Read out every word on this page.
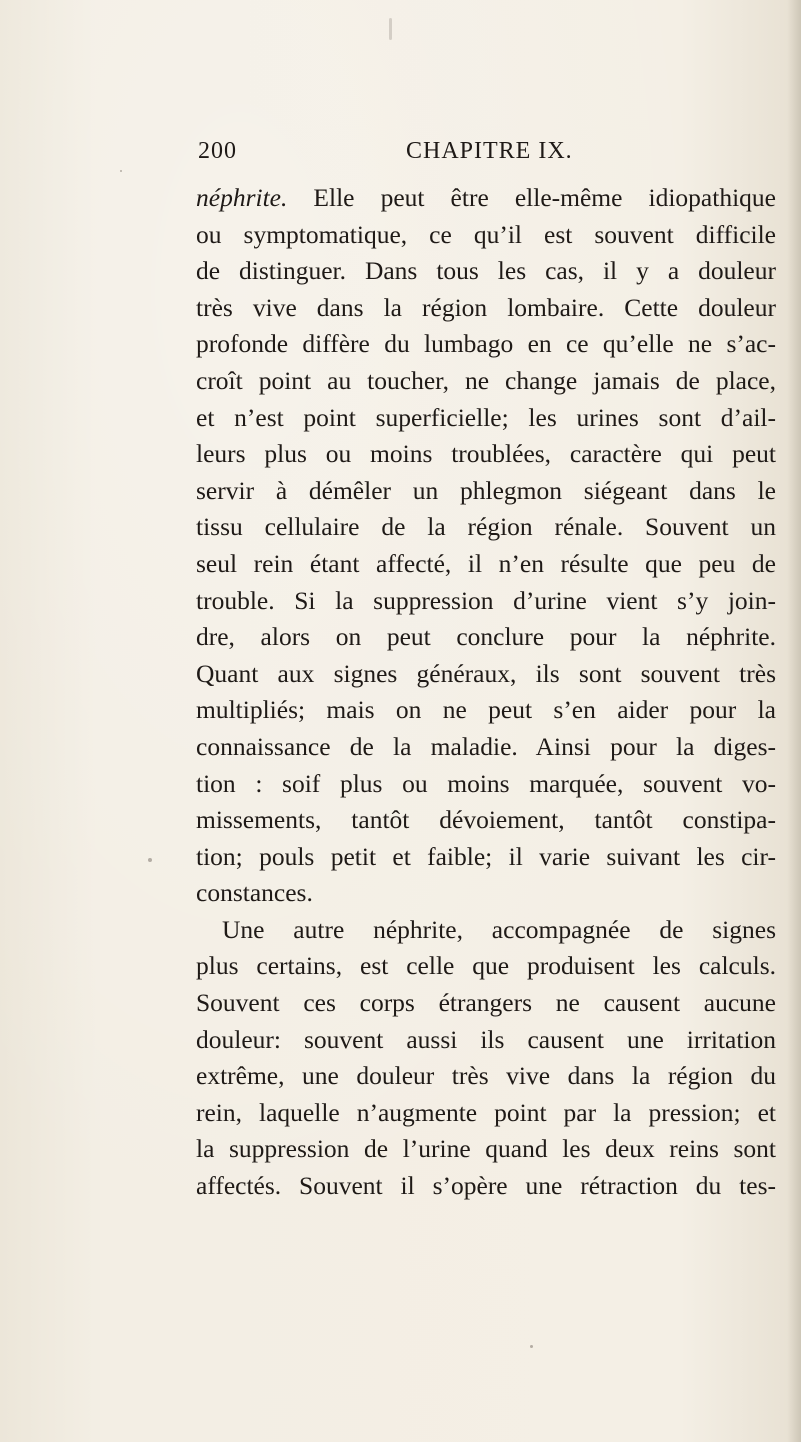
200	CHAPITRE IX.
néphrite. Elle peut être elle-même idiopathique
ou symptomatique, ce qu’il est souvent difficile
de distinguer. Dans tous les cas, il y a douleur
très vive dans la région lombaire. Cette douleur
profonde diffère du lumbago en ce qu’elle ne s’ac-
croît point au toucher, ne change jamais de place,
et n’est point superficielle; les urines sont d’ail-
leurs plus ou moins troublées, caractère qui peut
servir à démêler un phlegmon siégeant dans le
tissu cellulaire de la région rénale. Souvent un
seul rein étant affecté, il n’en résulte que peu de
trouble. Si la suppression d’urine vient s’y join-
dre, alors on peut conclure pour la néphrite.
Quant aux signes généraux, ils sont souvent très
multipliés; mais on ne peut s’en aider pour la
connaissance de la maladie. Ainsi pour la diges-
tion : soif plus ou moins marquée, souvent vo-
missements, tantôt dévoiement, tantôt constipa-
tion; pouls petit et faible; il varie suivant les cir-
constances.
Une autre néphrite, accompagnée de signes
plus certains, est celle que produisent les calculs.
Souvent ces corps étrangers ne causent aucune
douleur: souvent aussi ils causent une irritation
extrême, une douleur très vive dans la région du
rein, laquelle n’augmente point par la pression; et
la suppression de l’urine quand les deux reins sont
affectés. Souvent il s’opère une rétraction du tes-
